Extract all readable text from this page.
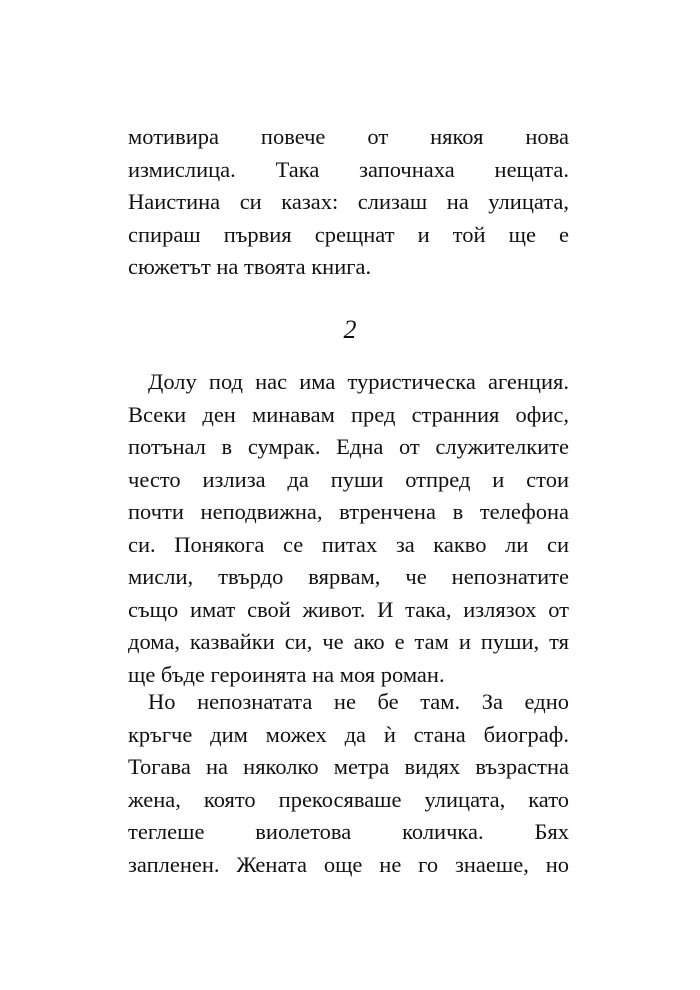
мотивира повече от някоя нова
измислица. Така започнаха нещата.
Наистина си казах: слизаш на улицата,
спираш първия срещнат и той ще е
сюжетът на твоята книга.
2
Долу под нас има туристическа агенция.
Всеки ден минавам пред странния офис,
потънал в сумрак. Една от служителките
често излиза да пуши отпред и стои
почти неподвижна, втренчена в телефона
си. Понякога се питах за какво ли си
мисли, твърдо вярвам, че непознатите
също имат свой живот. И така, излязох от
дома, казвайки си, че ако е там и пуши, тя
ще бъде героинята на моя роман.
Но непознатата не бе там. За едно
кръгче дим можех да ѝ стана биограф.
Тогава на няколко метра видях възрастна
жена, която прекосяваше улицата, като
теглеше виолетова количка. Бях
запленен. Жената още не го знаеше, но
